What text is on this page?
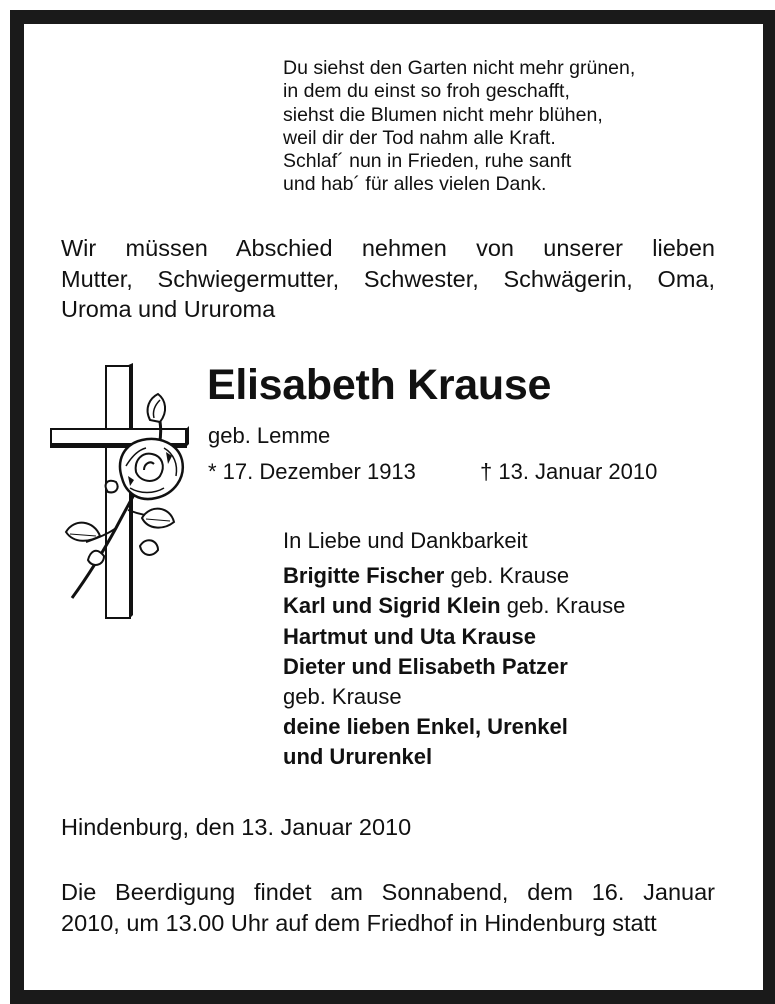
Du siehst den Garten nicht mehr grünen,
in dem du einst so froh geschafft,
siehst die Blumen nicht mehr blühen,
weil dir der Tod nahm alle Kraft.
Schlaf´ nun in Frieden, ruhe sanft
und hab´ für alles vielen Dank.
Wir müssen Abschied nehmen von unserer lieben
Mutter, Schwiegermutter, Schwester, Schwägerin, Oma,
Uroma und Ururoma
Elisabeth Krause
geb. Lemme
* 17. Dezember 1913	† 13. Januar 2010
In Liebe und Dankbarkeit
Brigitte Fischer geb. Krause
Karl und Sigrid Klein geb. Krause
Hartmut und Uta Krause
Dieter und Elisabeth Patzer
geb. Krause
deine lieben Enkel, Urenkel
und Ururenkel
Hindenburg, den 13. Januar 2010
Die Beerdigung findet am Sonnabend, dem 16. Januar
2010, um 13.00 Uhr auf dem Friedhof in Hindenburg statt
